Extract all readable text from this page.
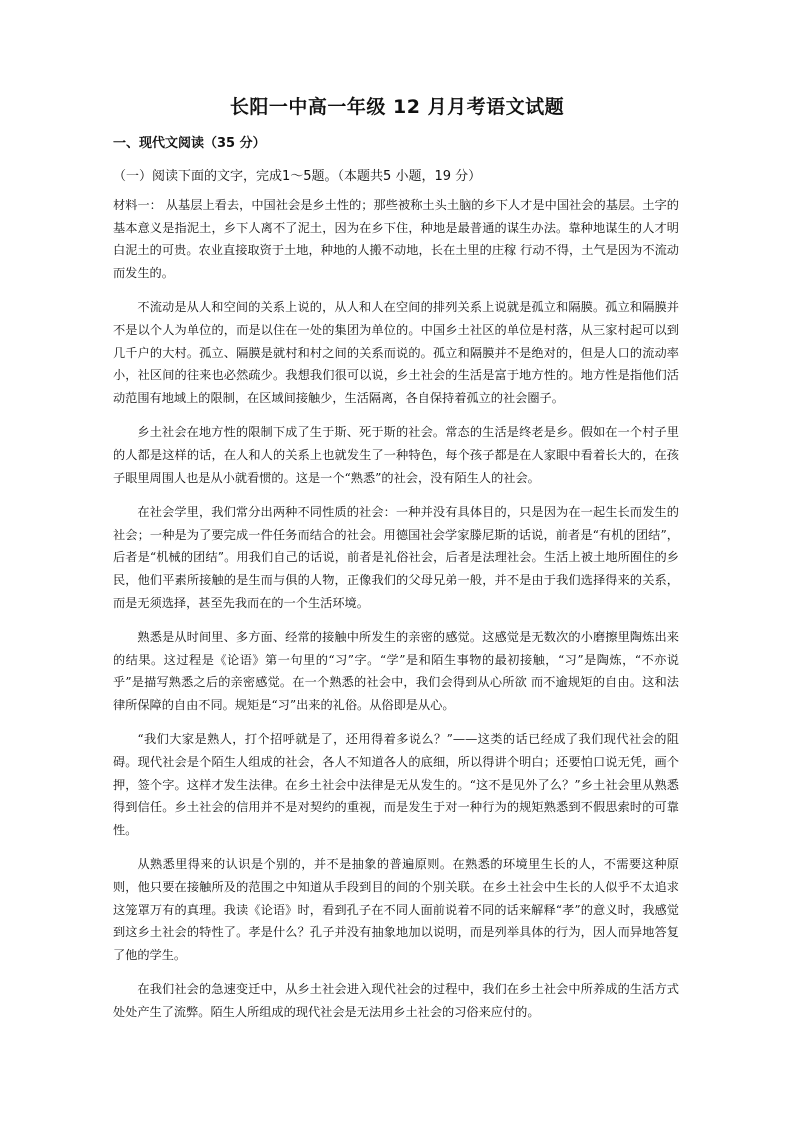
长阳一中高一年级 12 月月考语文试题
一、现代文阅读（35 分）
（一）阅读下面的文字，完成1～5题。（本题共5 小题，19 分）

材料一： 从基层上看去，中国社会是乡土性的；那些被称土头土脑的乡下人才是中国社会的基层。土字的基本意义是指泥土，乡下人离不了泥土，因为在乡下住，种地是最普通的谋生办法。靠种地谋生的人才明白泥土的可贵。农业直接取资于土地，种地的人搬不动地，长在土里的庄稼 行动不得，土气是因为不流动而发生的。

不流动是从人和空间的关系上说的，从人和人在空间的排列关系上说就是孤立和隔膜。孤立和隔膜并不是以个人为单位的，而是以住在一处的集团为单位的。中国乡土社区的单位是村落，从三家村起可以到几千户的大村。孤立、隔膜是就村和村之间的关系而说的。孤立和隔膜并不是绝对的，但是人口的流动率小，社区间的往来也必然疏少。我想我们很可以说，乡土社会的生活是富于地方性的。地方性是指他们活动范围有地域上的限制，在区域间接触少，生活隔离，各自保持着孤立的社会圈子。

乡土社会在地方性的限制下成了生于斯、死于斯的社会。常态的生活是终老是乡。假如在一个村子里的人都是这样的话，在人和人的关系上也就发生了一种特色，每个孩子都是在人家眼中看着长大的，在孩子眼里周围人也是从小就看惯的。这是一个“熟悉”的社会，没有陌生人的社会。

在社会学里，我们常分出两种不同性质的社会：一种并没有具体目的，只是因为在一起生长而发生的社会；一种是为了要完成一件任务而结合的社会。用德国社会学家滕尼斯的话说，前者是“有机的团结”，后者是“机械的团结”。用我们自己的话说，前者是礼俗社会，后者是法理社会。生活上被土地所囿住的乡民，他们平素所接触的是生而与俱的人物，正像我们的父母兄弟一般，并不是由于我们选择得来的关系，而是无须选择，甚至先我而在的一个生活环境。

熟悉是从时间里、多方面、经常的接触中所发生的亲密的感觉。这感觉是无数次的小磨擦里陶炼出来的结果。这过程是《论语》第一句里的“习”字。“学”是和陌生事物的最初接触，“习”是陶炼，“不亦说乎”是描写熟悉之后的亲密感觉。在一个熟悉的社会中，我们会得到从心所欲 而不逾规矩的自由。这和法律所保障的自由不同。规矩是“习”出来的礼俗。从俗即是从心。

“我们大家是熟人，打个招呼就是了，还用得着多说么？”——这类的话已经成了我们现代社会的阻碍。现代社会是个陌生人组成的社会，各人不知道各人的底细，所以得讲个明白；还要怕口说无凭，画个押，签个字。这样才发生法律。在乡土社会中法律是无从发生的。“这不是见外了么？”乡土社会里从熟悉得到信任。乡土社会的信用并不是对契约的重视，而是发生于对一种行为的规矩熟悉到不假思索时的可靠性。

从熟悉里得来的认识是个别的，并不是抽象的普遍原则。在熟悉的环境里生长的人，不需要这种原则，他只要在接触所及的范围之中知道从手段到目的间的个别关联。在乡土社会中生长的人似乎不太追求这笼罩万有的真理。我读《论语》时，看到孔子在不同人面前说着不同的话来解释“孝”的意义时，我感觉到这乡土社会的特性了。孝是什么？孔子并没有抽象地加以说明，而是列举具体的行为，因人而异地答复了他的学生。

在我们社会的急速变迁中，从乡土社会进入现代社会的过程中，我们在乡土社会中所养成的生活方式处处产生了流弊。陌生人所组成的现代社会是无法用乡土社会的习俗来应付的。
